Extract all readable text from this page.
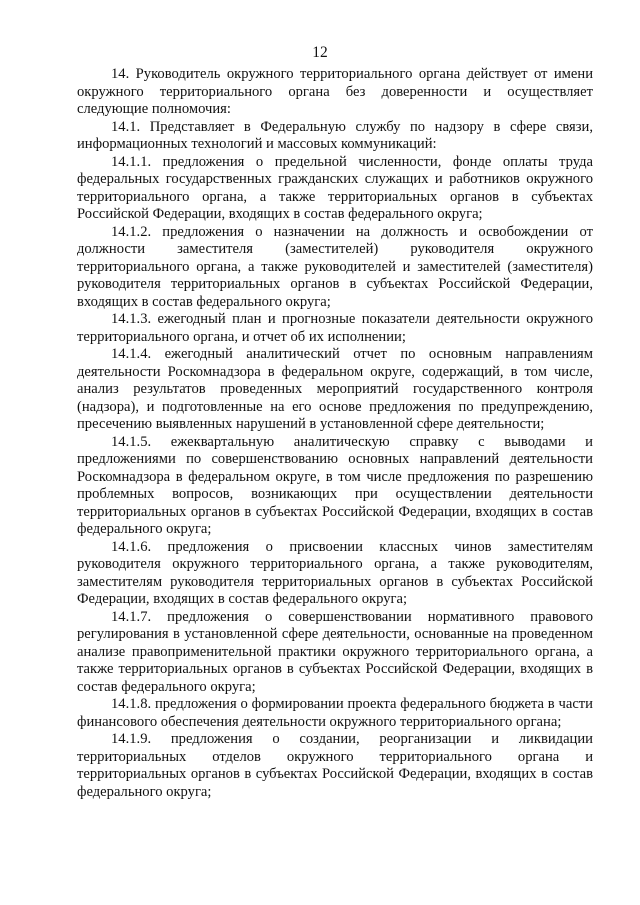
12

14. Руководитель окружного территориального органа действует от имени окружного территориального органа без доверенности и осуществляет следующие полномочия:

14.1. Представляет в Федеральную службу по надзору в сфере связи, информационных технологий и массовых коммуникаций:

14.1.1. предложения о предельной численности, фонде оплаты труда федеральных государственных гражданских служащих и работников окружного территориального органа, а также территориальных органов в субъектах Российской Федерации, входящих в состав федерального округа;

14.1.2. предложения о назначении на должность и освобождении от должности заместителя (заместителей) руководителя окружного территориального органа, а также руководителей и заместителей (заместителя) руководителя территориальных органов в субъектах Российской Федерации, входящих в состав федерального округа;

14.1.3. ежегодный план и прогнозные показатели деятельности окружного территориального органа, и отчет об их исполнении;

14.1.4. ежегодный аналитический отчет по основным направлениям деятельности Роскомнадзора в федеральном округе, содержащий, в том числе, анализ результатов проведенных мероприятий государственного контроля (надзора), и подготовленные на его основе предложения по предупреждению, пресечению выявленных нарушений в установленной сфере деятельности;

14.1.5. ежеквартальную аналитическую справку с выводами и предложениями по совершенствованию основных направлений деятельности Роскомнадзора в федеральном округе, в том числе предложения по разрешению проблемных вопросов, возникающих при осуществлении деятельности территориальных органов в субъектах Российской Федерации, входящих в состав федерального округа;

14.1.6. предложения о присвоении классных чинов заместителям руководителя окружного территориального органа, а также руководителям, заместителям руководителя территориальных органов в субъектах Российской Федерации, входящих в состав федерального округа;

14.1.7. предложения о совершенствовании нормативного правового регулирования в установленной сфере деятельности, основанные на проведенном анализе правоприменительной практики окружного территориального органа, а также территориальных органов в субъектах Российской Федерации, входящих в состав федерального округа;

14.1.8. предложения о формировании проекта федерального бюджета в части финансового обеспечения деятельности окружного территориального органа;

14.1.9. предложения о создании, реорганизации и ликвидации территориальных отделов окружного территориального органа и территориальных органов в субъектах Российской Федерации, входящих в состав федерального округа;
